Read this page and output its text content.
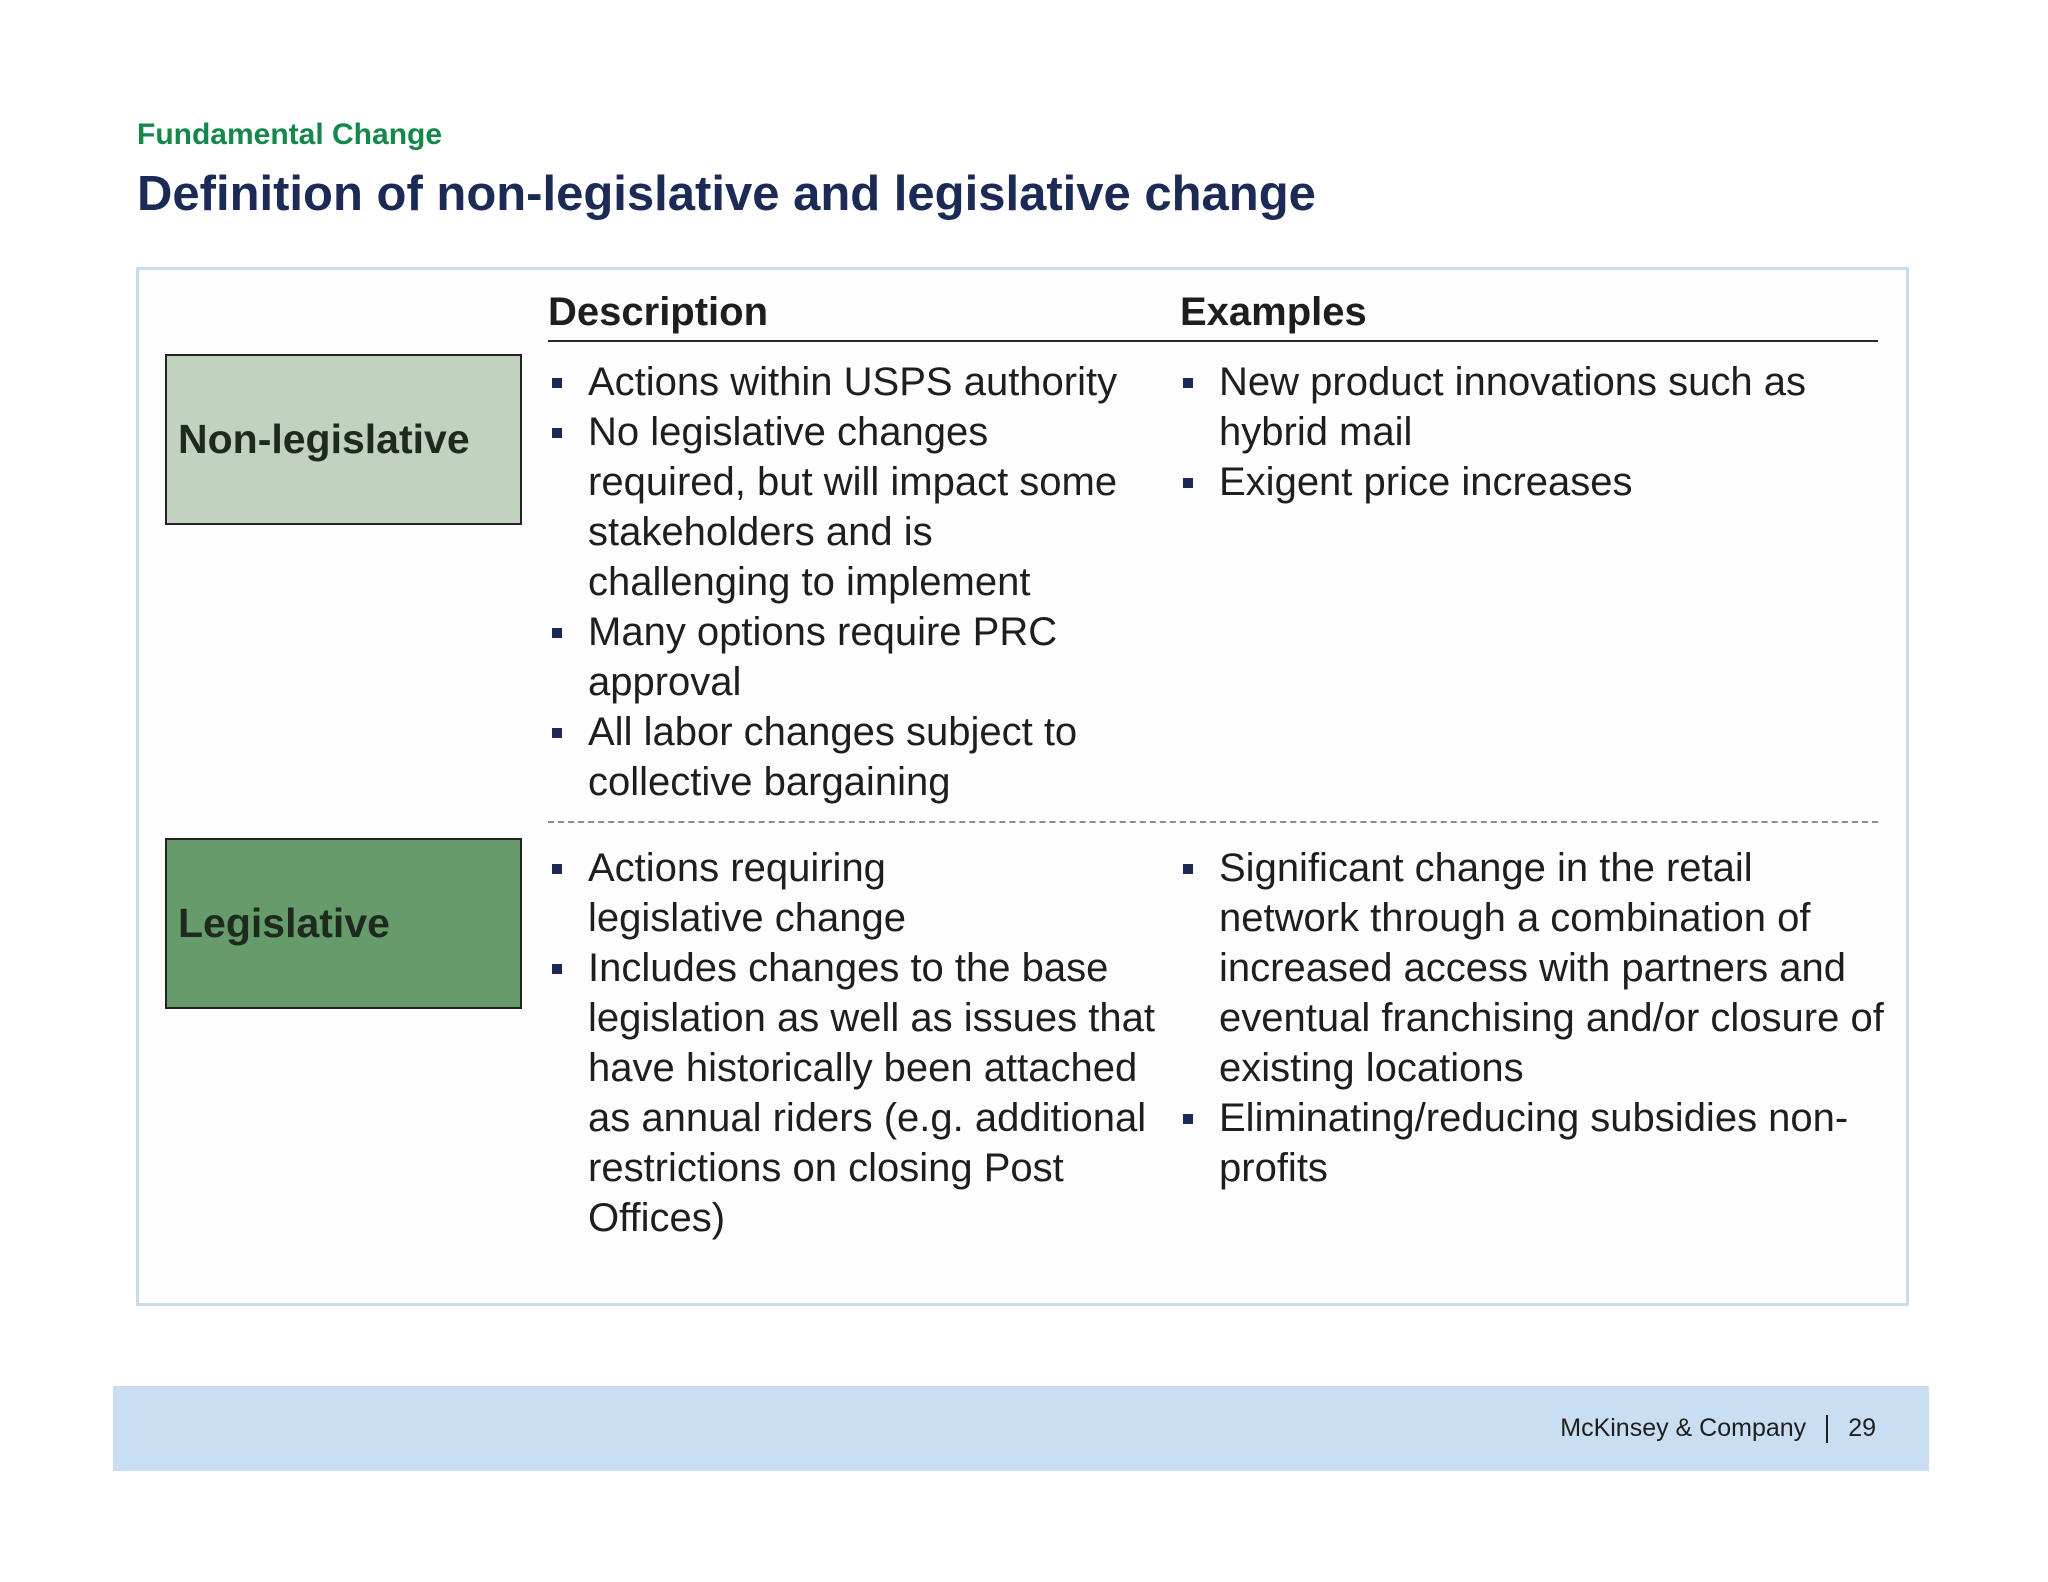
Fundamental Change
Definition of non-legislative and legislative change
Description	Examples
Non-legislative
Actions within USPS authority
No legislative changes required, but will impact some stakeholders and is challenging to implement
Many options require PRC approval
All labor changes subject to collective bargaining
New product innovations such as hybrid mail
Exigent price increases
Legislative
Actions requiring legislative change
Includes changes to the base legislation as well as issues that have historically been attached as annual riders (e.g. additional restrictions on closing Post Offices)
Significant change in the retail network through a combination of increased access with partners and eventual franchising and/or closure of existing locations
Eliminating/reducing subsidies non-profits
McKinsey & Company 29
